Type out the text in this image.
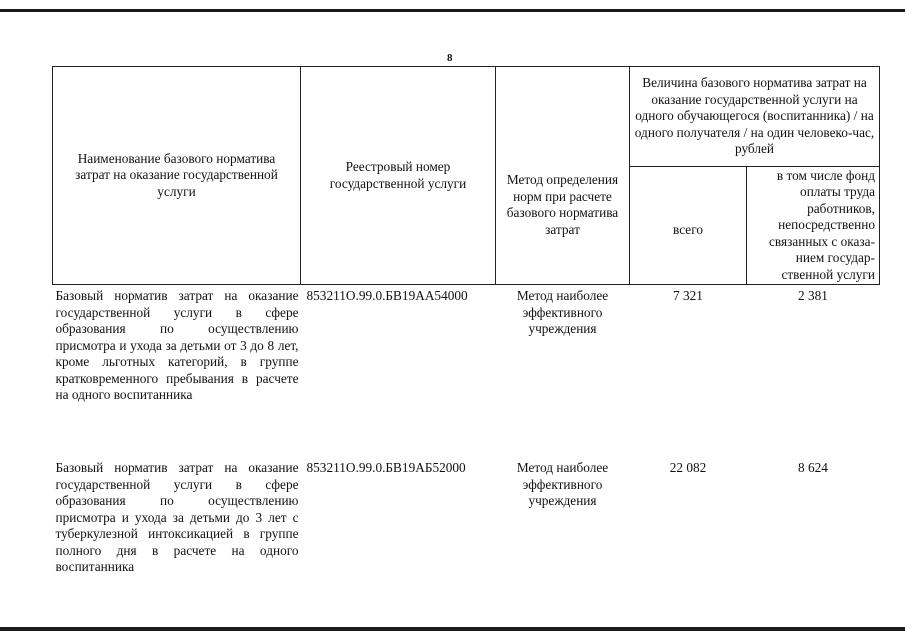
8
Наименование базового норматива затрат на оказание государственной услуги	Реестровый номер государственной услуги	Метод определения норм при расчете базового норматива затрат	Величина базового норматива затрат на оказание государственной услуги на одного обучающегося (воспитанника) / на одного получателя / на один человеко-час, рублей	
			всего	в том числе фонд оплаты труда работников, непосредственно связанных с оказа-нием государ-ственной услуги
Базовый норматив затрат на оказание государственной услуги в сфере образования по осуществлению присмотра и ухода за детьми от 3 до 8 лет, кроме льготных категорий, в группе кратковременного пребывания в расчете на одного воспитанника	853211О.99.0.БВ19АА54000	Метод наиболее эффективного учреждения	7 321	2 381
Базовый норматив затрат на оказание государственной услуги в сфере образования по осуществлению присмотра и ухода за детьми до 3 лет с туберкулезной интоксикацией в группе полного дня в расчете на одного воспитанника	853211О.99.0.БВ19АБ52000	Метод наиболее эффективного учреждения	22 082	8 624
